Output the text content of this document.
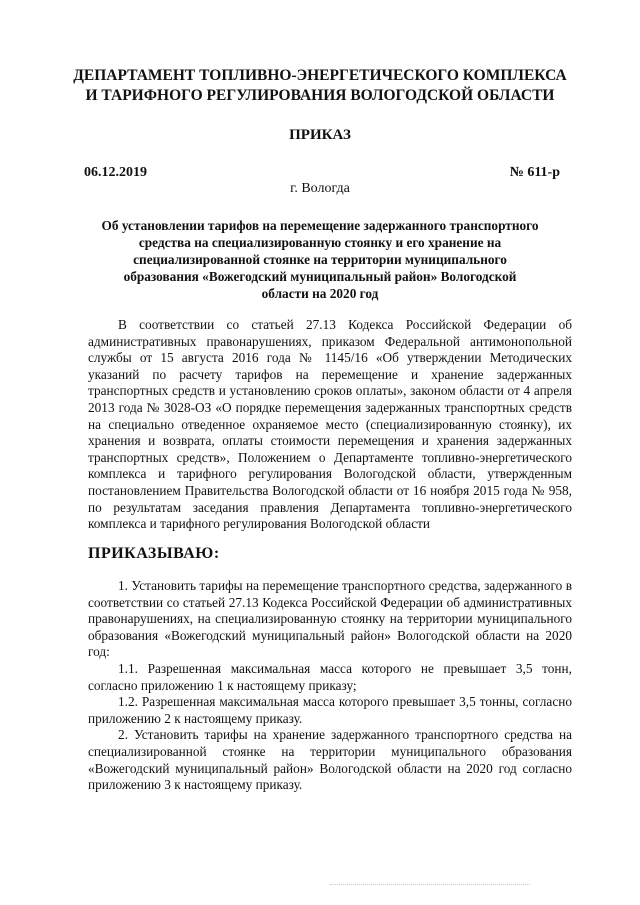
ДЕПАРТАМЕНТ ТОПЛИВНО-ЭНЕРГЕТИЧЕСКОГО КОМПЛЕКСА
И ТАРИФНОГО РЕГУЛИРОВАНИЯ ВОЛОГОДСКОЙ ОБЛАСТИ
ПРИКАЗ
06.12.2019	№ 611-р
г. Вологда
Об установлении тарифов на перемещение задержанного транспортного средства на специализированную стоянку и его хранение на специализированной стоянке на территории муниципального образования «Вожегодский муниципальный район» Вологодской области на 2020 год
В соответствии со статьей 27.13 Кодекса Российской Федерации об административных правонарушениях, приказом Федеральной антимонопольной службы от 15 августа 2016 года № 1145/16 «Об утверждении Методических указаний по расчету тарифов на перемещение и хранение задержанных транспортных средств и установлению сроков оплаты», законом области от 4 апреля 2013 года № 3028-ОЗ «О порядке перемещения задержанных транспортных средств на специально отведенное охраняемое место (специализированную стоянку), их хранения и возврата, оплаты стоимости перемещения и хранения задержанных транспортных средств», Положением о Департаменте топливно-энергетического комплекса и тарифного регулирования Вологодской области, утвержденным постановлением Правительства Вологодской области от 16 ноября 2015 года № 958, по результатам заседания правления Департамента топливно-энергетического комплекса и тарифного регулирования Вологодской области
ПРИКАЗЫВАЮ:

1. Установить тарифы на перемещение транспортного средства, задержанного в соответствии со статьей 27.13 Кодекса Российской Федерации об административных правонарушениях, на специализированную стоянку на территории муниципального образования «Вожегодский муниципальный район» Вологодской области на 2020 год:

1.1. Разрешенная максимальная масса которого не превышает 3,5 тонн, согласно приложению 1 к настоящему приказу;

1.2. Разрешенная максимальная масса которого превышает 3,5 тонны, согласно приложению 2 к настоящему приказу.

2. Установить тарифы на хранение задержанного транспортного средства на специализированной стоянке на территории муниципального образования «Вожегодский муниципальный район» Вологодской области на 2020 год согласно приложению 3 к настоящему приказу.
